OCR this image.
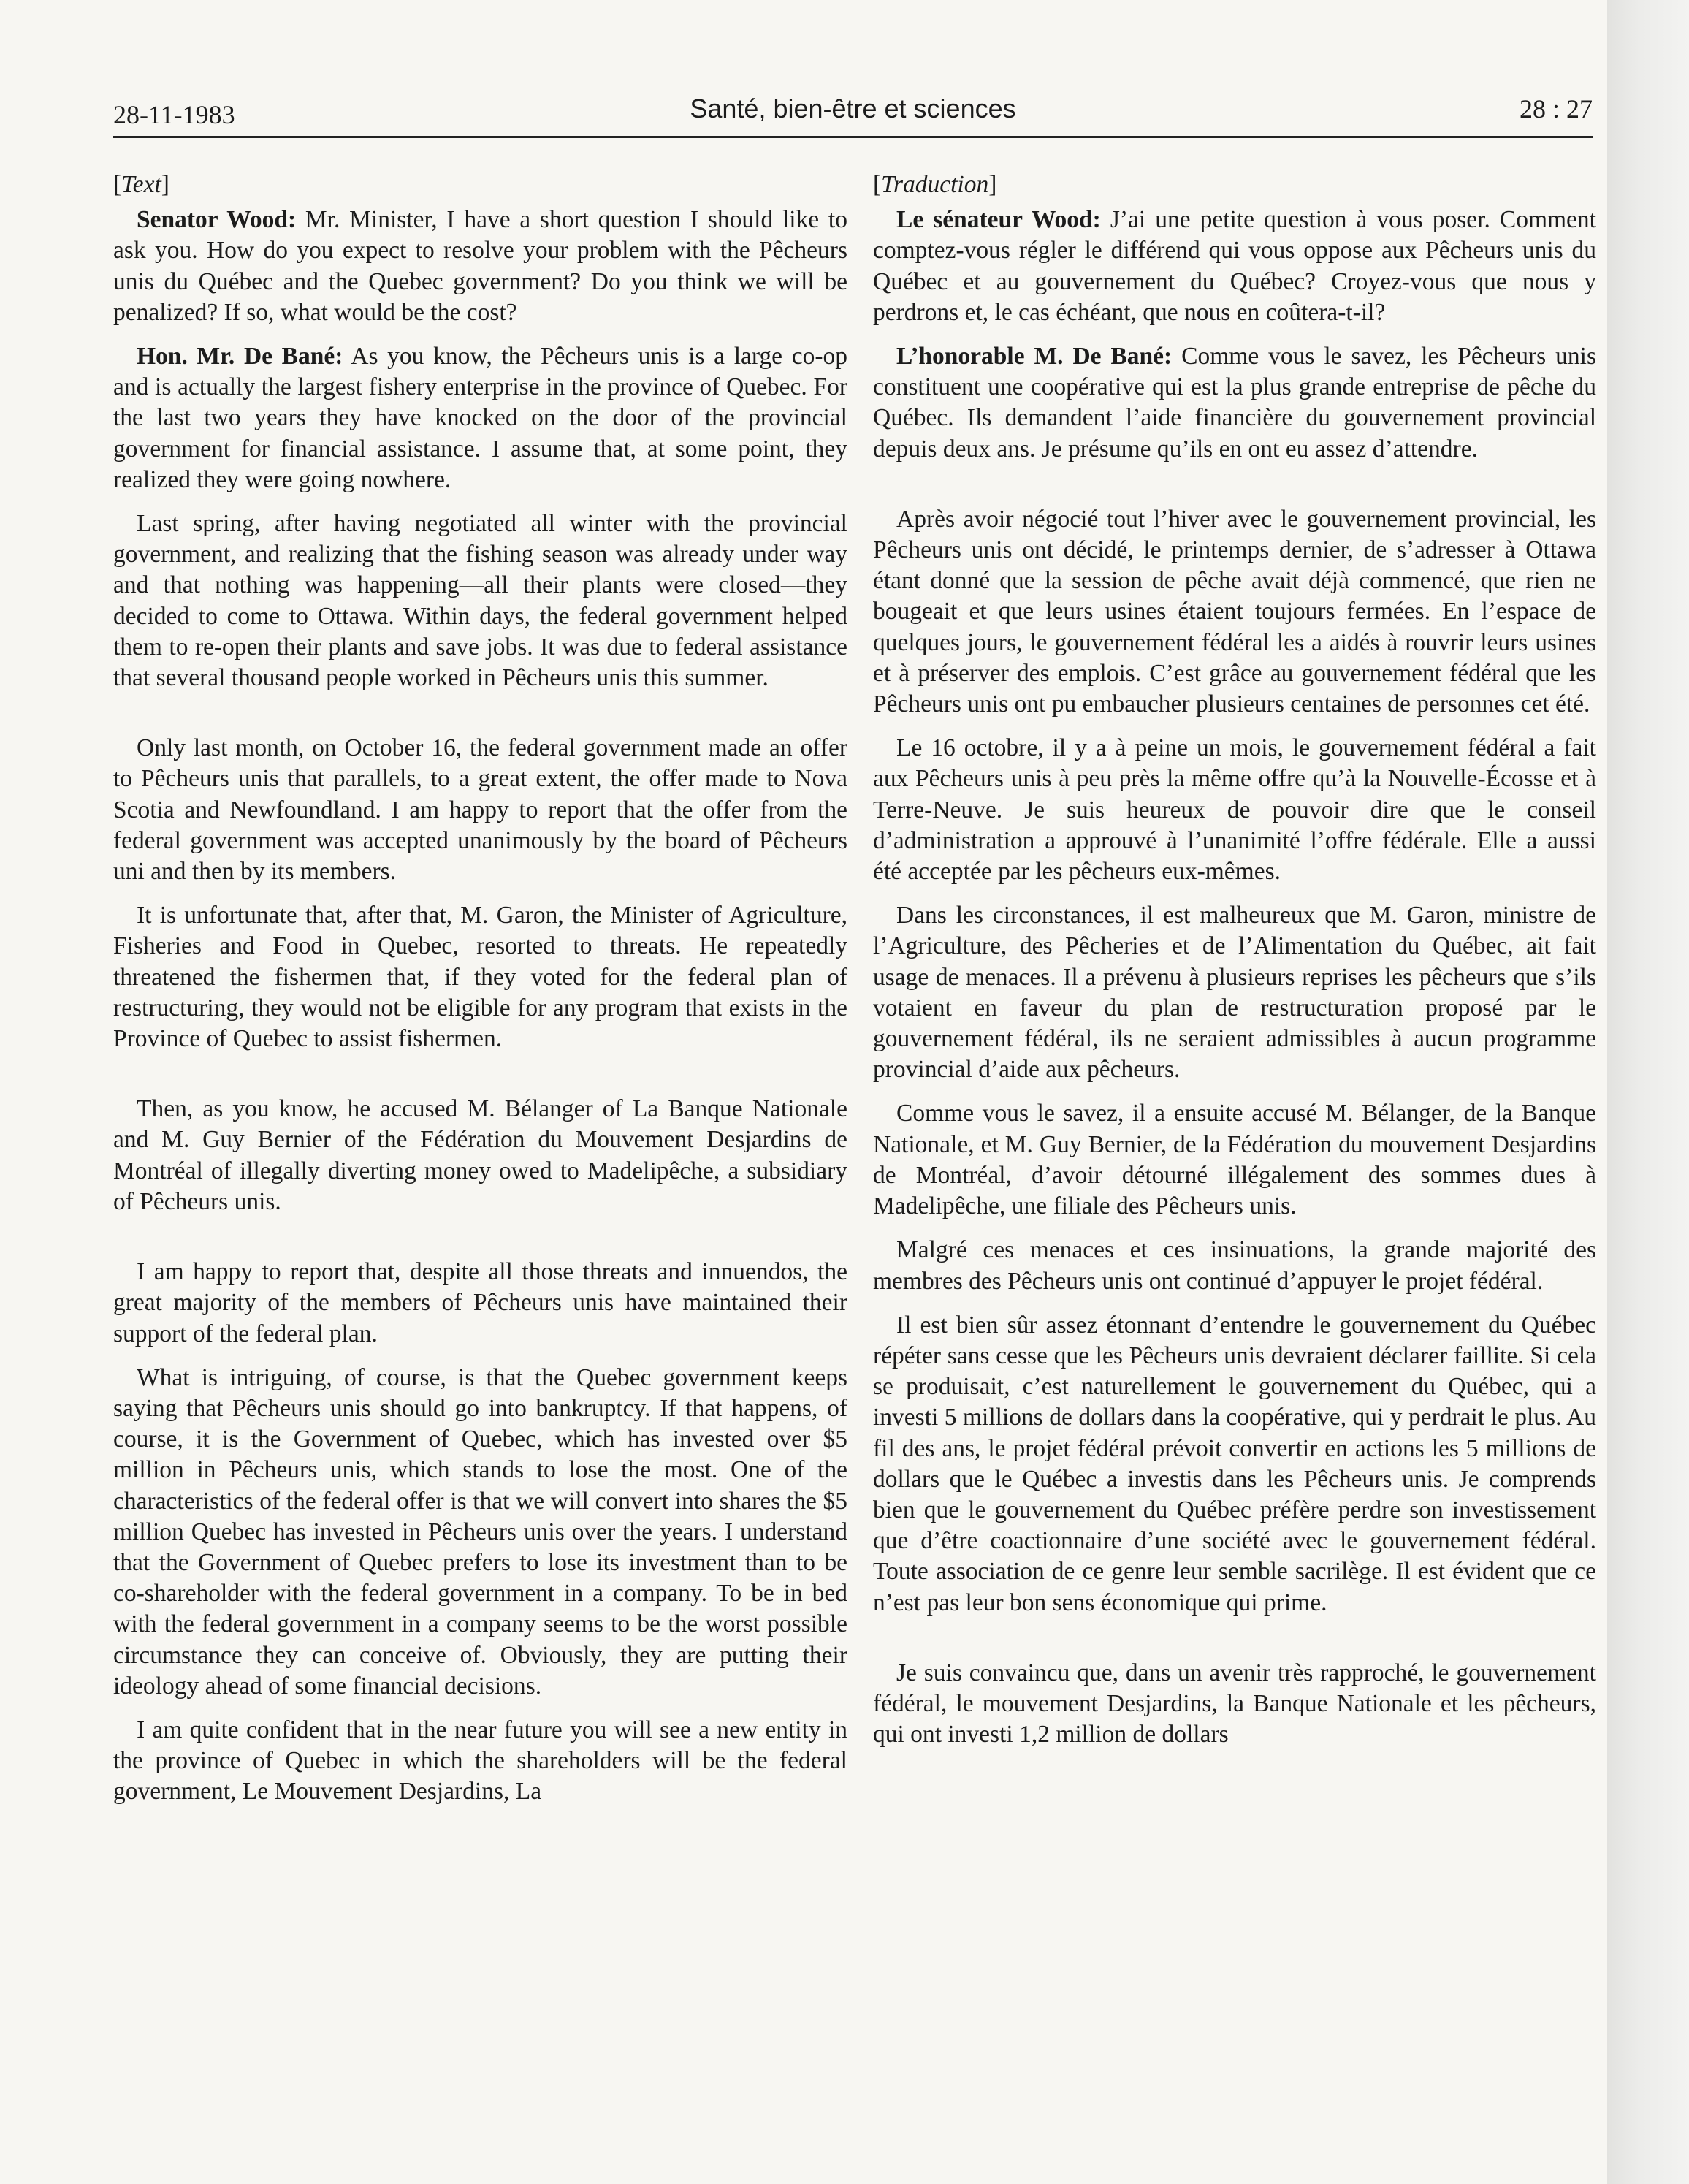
28-11-1983	Santé, bien-être et sciences	28 : 27

[Text]

Senator Wood: Mr. Minister, I have a short question I should like to ask you. How do you expect to resolve your problem with the Pêcheurs unis du Québec and the Quebec government? Do you think we will be penalized? If so, what would be the cost?

Hon. Mr. De Bané: As you know, the Pêcheurs unis is a large co-op and is actually the largest fishery enterprise in the province of Quebec. For the last two years they have knocked on the door of the provincial government for financial assistance. I assume that, at some point, they realized they were going nowhere.

Last spring, after having negotiated all winter with the provincial government, and realizing that the fishing season was already under way and that nothing was happening—all their plants were closed—they decided to come to Ottawa. Within days, the federal government helped them to re-open their plants and save jobs. It was due to federal assistance that several thousand people worked in Pêcheurs unis this summer.

Only last month, on October 16, the federal government made an offer to Pêcheurs unis that parallels, to a great extent, the offer made to Nova Scotia and Newfoundland. I am happy to report that the offer from the federal government was accepted unanimously by the board of Pêcheurs uni and then by its members.

It is unfortunate that, after that, M. Garon, the Minister of Agriculture, Fisheries and Food in Quebec, resorted to threats. He repeatedly threatened the fishermen that, if they voted for the federal plan of restructuring, they would not be eligible for any program that exists in the Province of Quebec to assist fishermen.

Then, as you know, he accused M. Bélanger of La Banque Nationale and M. Guy Bernier of the Fédération du Mouvement Desjardins de Montréal of illegally diverting money owed to Madelipêche, a subsidiary of Pêcheurs unis.

I am happy to report that, despite all those threats and innuendos, the great majority of the members of Pêcheurs unis have maintained their support of the federal plan.

What is intriguing, of course, is that the Quebec government keeps saying that Pêcheurs unis should go into bankruptcy. If that happens, of course, it is the Government of Quebec, which has invested over $5 million in Pêcheurs unis, which stands to lose the most. One of the characteristics of the federal offer is that we will convert into shares the $5 million Quebec has invested in Pêcheurs unis over the years. I understand that the Government of Quebec prefers to lose its investment than to be co-shareholder with the federal government in a company. To be in bed with the federal government in a company seems to be the worst possible circumstance they can conceive of. Obviously, they are putting their ideology ahead of some financial decisions.

I am quite confident that in the near future you will see a new entity in the province of Quebec in which the shareholders will be the federal government, Le Mouvement Desjardins, La

[Traduction]

Le sénateur Wood: J’ai une petite question à vous poser. Comment comptez-vous régler le différend qui vous oppose aux Pêcheurs unis du Québec et au gouvernement du Québec? Croyez-vous que nous y perdrons et, le cas échéant, que nous en coûtera-t-il?

L’honorable M. De Bané: Comme vous le savez, les Pêcheurs unis constituent une coopérative qui est la plus grande entreprise de pêche du Québec. Ils demandent l’aide financière du gouvernement provincial depuis deux ans. Je présume qu’ils en ont eu assez d’attendre.

Après avoir négocié tout l’hiver avec le gouvernement provincial, les Pêcheurs unis ont décidé, le printemps dernier, de s’adresser à Ottawa étant donné que la session de pêche avait déjà commencé, que rien ne bougeait et que leurs usines étaient toujours fermées. En l’espace de quelques jours, le gouvernement fédéral les a aidés à rouvrir leurs usines et à préserver des emplois. C’est grâce au gouvernement fédéral que les Pêcheurs unis ont pu embaucher plusieurs centaines de personnes cet été.

Le 16 octobre, il y a à peine un mois, le gouvernement fédéral a fait aux Pêcheurs unis à peu près la même offre qu’à la Nouvelle-Écosse et à Terre-Neuve. Je suis heureux de pouvoir dire que le conseil d’administration a approuvé à l’unanimité l’offre fédérale. Elle a aussi été acceptée par les pêcheurs eux-mêmes.

Dans les circonstances, il est malheureux que M. Garon, ministre de l’Agriculture, des Pêcheries et de l’Alimentation du Québec, ait fait usage de menaces. Il a prévenu à plusieurs reprises les pêcheurs que s’ils votaient en faveur du plan de restructuration proposé par le gouvernement fédéral, ils ne seraient admissibles à aucun programme provincial d’aide aux pêcheurs.

Comme vous le savez, il a ensuite accusé M. Bélanger, de la Banque Nationale, et M. Guy Bernier, de la Fédération du mouvement Desjardins de Montréal, d’avoir détourné illégalement des sommes dues à Madelipêche, une filiale des Pêcheurs unis.

Malgré ces menaces et ces insinuations, la grande majorité des membres des Pêcheurs unis ont continué d’appuyer le projet fédéral.

Il est bien sûr assez étonnant d’entendre le gouvernement du Québec répéter sans cesse que les Pêcheurs unis devraient déclarer faillite. Si cela se produisait, c’est naturellement le gouvernement du Québec, qui a investi 5 millions de dollars dans la coopérative, qui y perdrait le plus. Au fil des ans, le projet fédéral prévoit convertir en actions les 5 millions de dollars que le Québec a investis dans les Pêcheurs unis. Je comprends bien que le gouvernement du Québec préfère perdre son investissement que d’être coactionnaire d’une société avec le gouvernement fédéral. Toute association de ce genre leur semble sacrilège. Il est évident que ce n’est pas leur bon sens économique qui prime.

Je suis convaincu que, dans un avenir très rapproché, le gouvernement fédéral, le mouvement Desjardins, la Banque Nationale et les pêcheurs, qui ont investi 1,2 million de dollars
